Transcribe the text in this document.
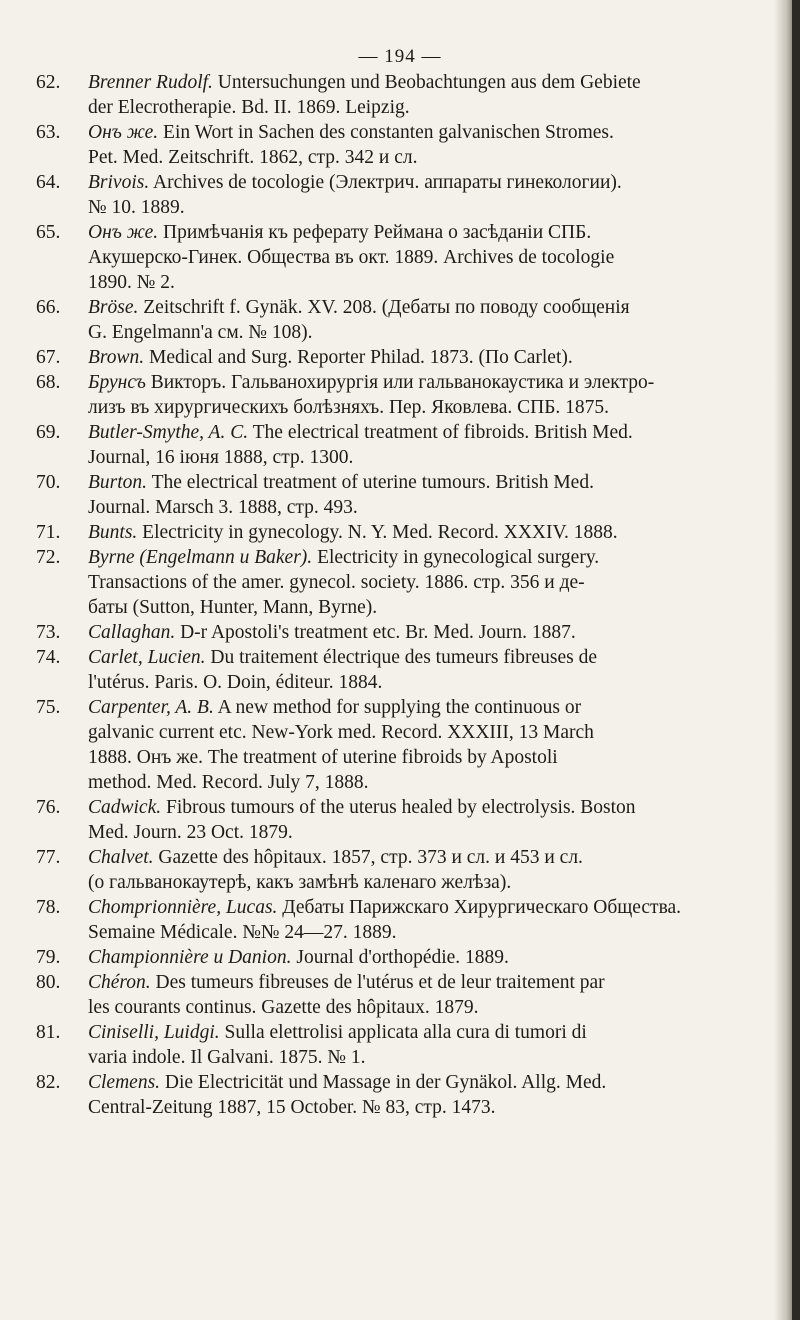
— 194 —
62. Brenner Rudolf. Untersuchungen und Beobachtungen aus dem Gebiete
der Elecrotherapie. Bd. II. 1869. Leipzig.
63. Онъ же. Ein Wort in Sachen des constanten galvanischen Stromes.
Pet. Med. Zeitschrift. 1862, стр. 342 и сл.
64. Brivois. Archives de tocologie (Электрич. аппараты гинекологии).
№ 10. 1889.
65. Онъ же. Примѣчанія къ реферату Реймана о засѣданіи СПБ.
Акушерско-Гинек. Общества въ окт. 1889. Archives de tocologie
1890. № 2.
66. Bröse. Zeitschrift f. Gynäk. XV. 208. (Дебаты по поводу сообщенія
G. Engelmann'a см. № 108).
67. Brown. Medical and Surg. Reporter Philad. 1873. (По Carlet).
68. Брунсъ Викторъ. Гальванохирургія или гальванокаустика и электро-
лизъ въ хирургическихъ болѣзняхъ. Пер. Яковлева. СПБ. 1875.
69. Butler-Smythe, A. C. The electrical treatment of fibroids. British Med.
Journal, 16 іюня 1888, стр. 1300.
70. Burton. The electrical treatment of uterine tumours. British Med.
Journal. Marsch 3. 1888, стр. 493.
71. Bunts. Electricity in gynecology. N. Y. Med. Record. XXXIV. 1888.
72. Byrne (Engelmann и Baker). Electricity in gynecological surgery.
Transactions of the amer. gynecol. society. 1886. стр. 356 и де-
баты (Sutton, Hunter, Mann, Byrne).
73. Callaghan. D-r Apostoli's treatment etc. Br. Med. Journ. 1887.
74. Carlet, Lucien. Du traitement électrique des tumeurs fibreuses de
l'utérus. Paris. O. Doin, éditeur. 1884.
75. Carpenter, A. B. A new method for supplying the continuous or
galvanic current etc. New-York med. Record. XXXIII, 13 March
1888. Онъ же. The treatment of uterine fibroids by Apostoli
method. Med. Record. July 7, 1888.
76. Cadwick. Fibrous tumours of the uterus healed by electrolysis. Boston
Med. Journ. 23 Oct. 1879.
77. Chalvet. Gazette des hôpitaux. 1857, стр. 373 и сл. и 453 и сл.
(о гальванокаутерѣ, какъ замѣнѣ каленаго желѣза).
78. Chomprionnière, Lucas. Дебаты Парижскаго Хирургическаго Общества.
Semaine Médicale. №№ 24—27. 1889.
79. Championnière и Danion. Journal d'orthopédie. 1889.
80. Chéron. Des tumeurs fibreuses de l'utérus et de leur traitement par
les courants continus. Gazette des hôpitaux. 1879.
81. Ciniselli, Luidgi. Sulla elettrolisi applicata alla cura di tumori di
varia indole. Il Galvani. 1875. № 1.
82. Clemens. Die Electricität und Massage in der Gynäkol. Allg. Med.
Central-Zeitung 1887, 15 October. № 83, стр. 1473.
